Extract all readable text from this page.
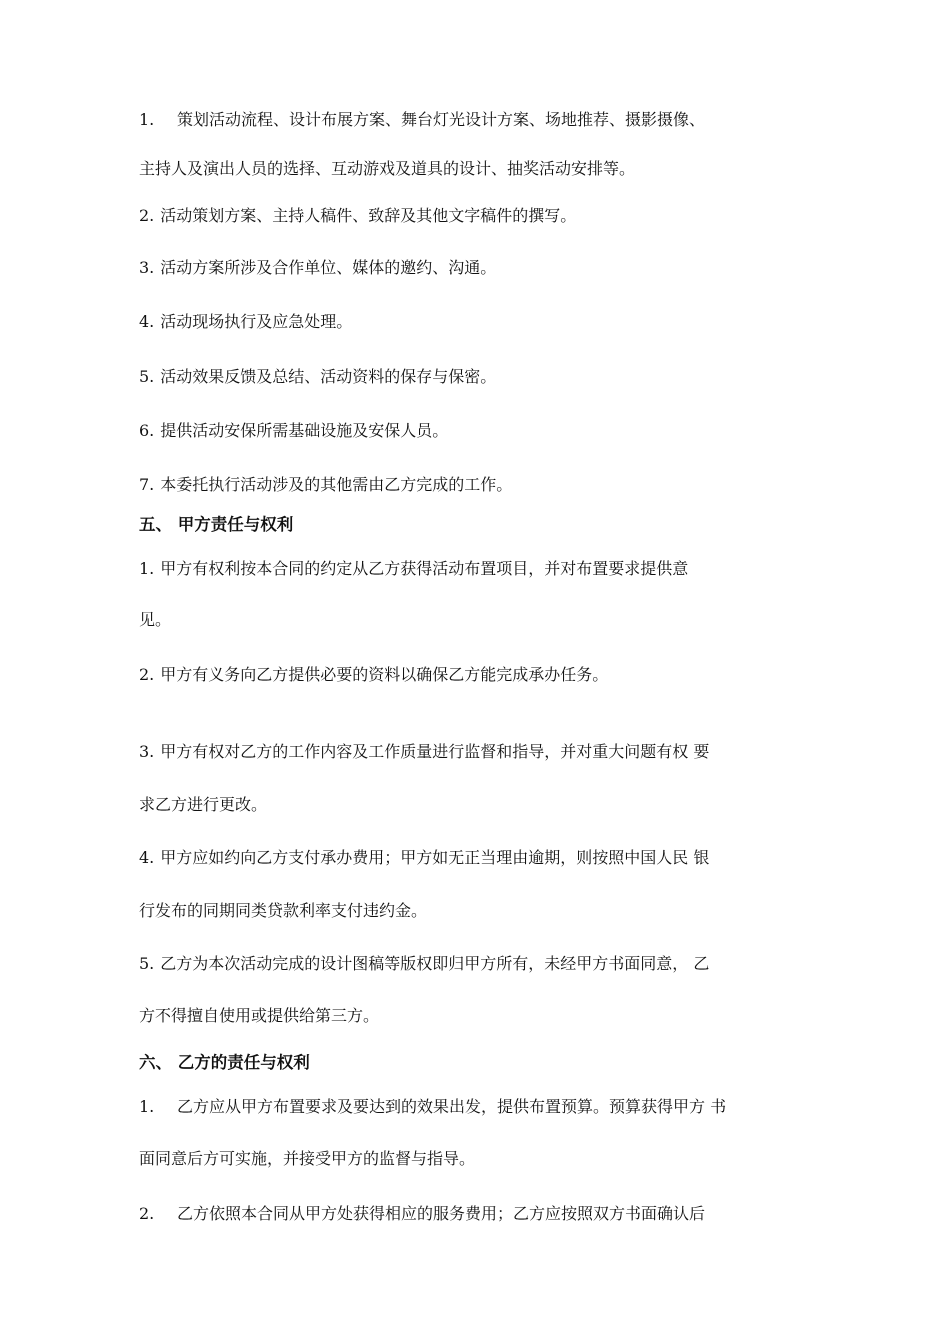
1. 策划活动流程、设计布展方案、舞台灯光设计方案、场地推荐、摄影摄像、
主持人及演出人员的选择、互动游戏及道具的设计、抽奖活动安排等。
2. 活动策划方案、主持人稿件、致辞及其他文字稿件的撰写。
3. 活动方案所涉及合作单位、媒体的邀约、沟通。
4. 活动现场执行及应急处理。
5. 活动效果反馈及总结、活动资料的保存与保密。
6. 提供活动安保所需基础设施及安保人员。
7. 本委托执行活动涉及的其他需由乙方完成的工作。
五、 甲方责任与权利
1. 甲方有权利按本合同的约定从乙方获得活动布置项目，并对布置要求提供意
见。
2. 甲方有义务向乙方提供必要的资料以确保乙方能完成承办任务。
3. 甲方有权对乙方的工作内容及工作质量进行监督和指导，并对重大问题有权 要
求乙方进行更改。
4. 甲方应如约向乙方支付承办费用；甲方如无正当理由逾期，则按照中国人民 银
行发布的同期同类贷款利率支付违约金。
5. 乙方为本次活动完成的设计图稿等版权即归甲方所有，未经甲方书面同意， 乙
方不得擅自使用或提供给第三方。
六、 乙方的责任与权利
1. 乙方应从甲方布置要求及要达到的效果出发，提供布置预算。预算获得甲方 书
面同意后方可实施，并接受甲方的监督与指导。
2. 乙方依照本合同从甲方处获得相应的服务费用；乙方应按照双方书面确认后
